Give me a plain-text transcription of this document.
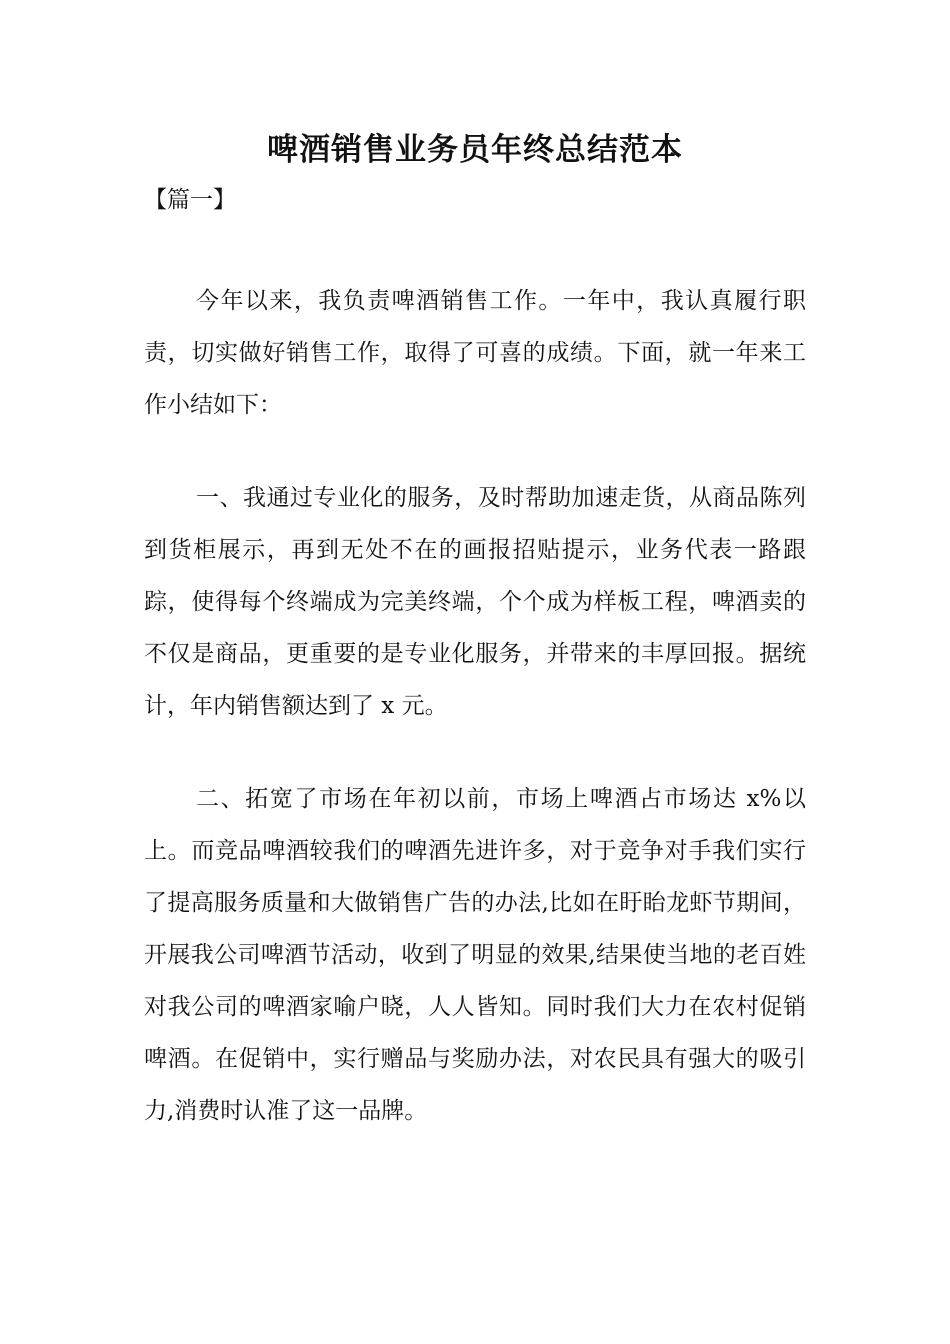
啤酒销售业务员年终总结范本

【篇一】

今年以来，我负责啤酒销售工作。一年中，我认真履行职责，切实做好销售工作，取得了可喜的成绩。下面，就一年来工作小结如下：

一、我通过专业化的服务，及时帮助加速走货，从商品陈列到货柜展示，再到无处不在的画报招贴提示，业务代表一路跟踪，使得每个终端成为完美终端，个个成为样板工程，啤酒卖的不仅是商品，更重要的是专业化服务，并带来的丰厚回报。据统计，年内销售额达到了 x 元。

二、拓宽了市场在年初以前，市场上啤酒占市场达 x%以上。而竞品啤酒较我们的啤酒先进许多，对于竞争对手我们实行了提高服务质量和大做销售广告的办法,比如在盱眙龙虾节期间，开展我公司啤酒节活动，收到了明显的效果,结果使当地的老百姓对我公司的啤酒家喻户晓，人人皆知。同时我们大力在农村促销啤酒。在促销中，实行赠品与奖励办法，对农民具有强大的吸引力,消费时认准了这一品牌。
